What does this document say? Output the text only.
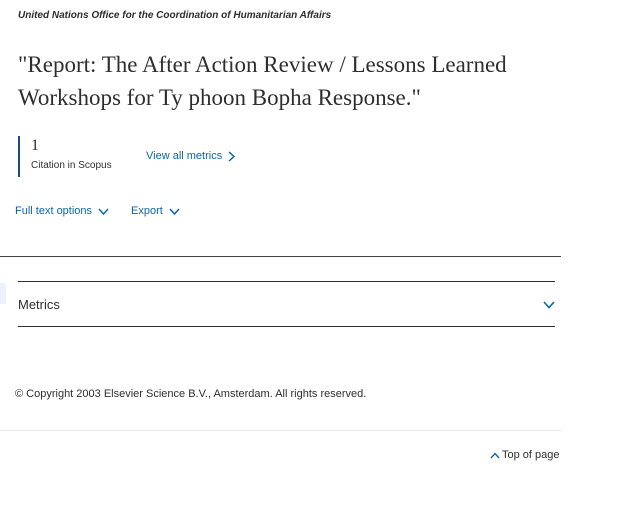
United Nations Office for the Coordination of Humanitarian Affairs
"Report: The After Action Review / Lessons Learned Workshops for Ty phoon Bopha Response."
1
Citation in Scopus
View all metrics
Full text options	Export
Metrics
© Copyright 2003 Elsevier Science B.V., Amsterdam. All rights reserved.
Top of page
